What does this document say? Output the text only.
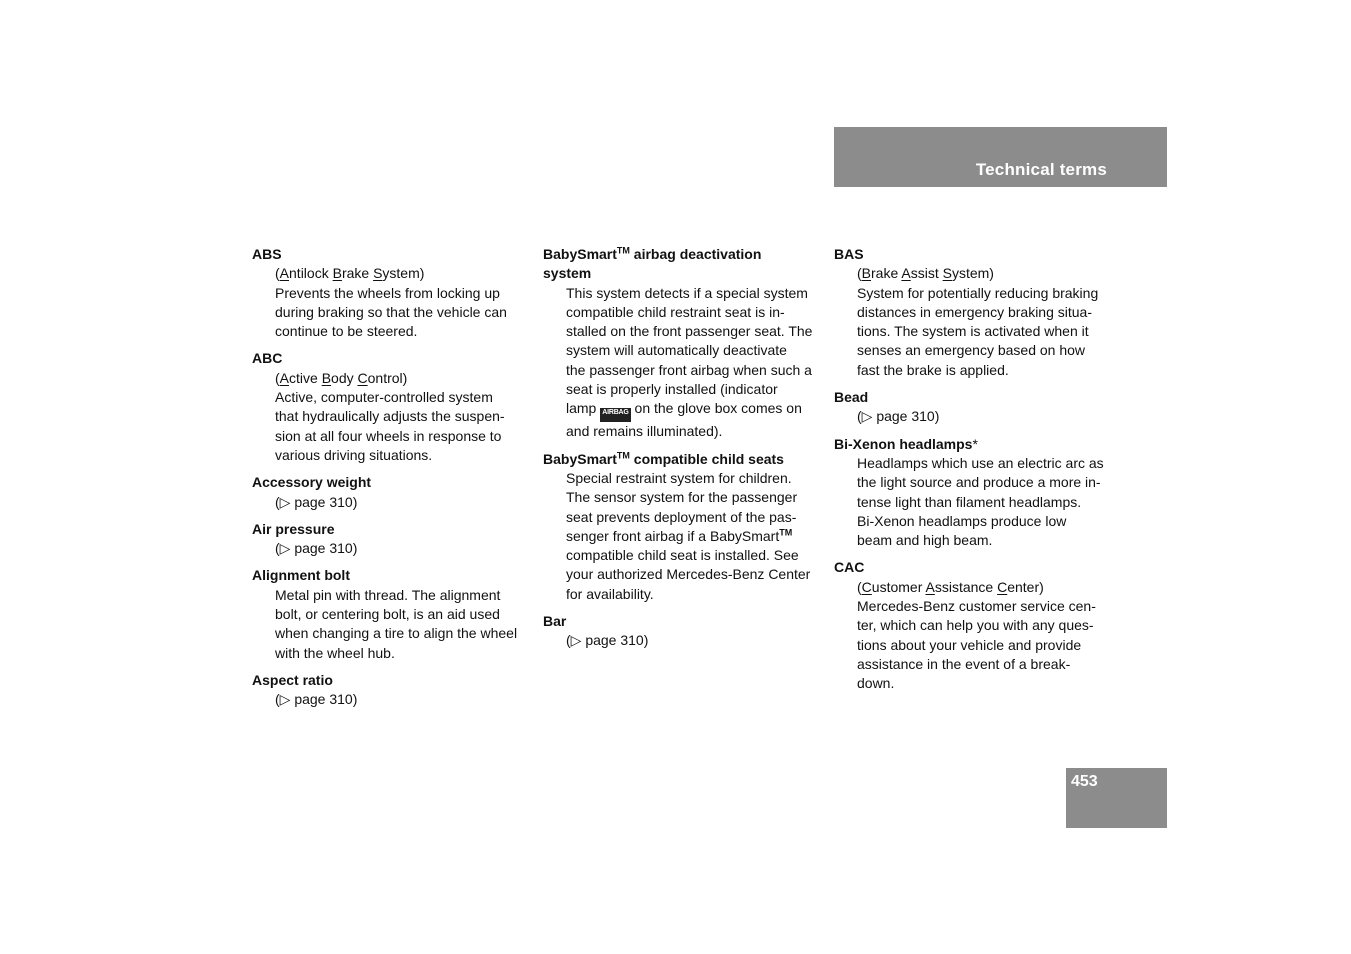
Technical terms
ABS
(Antilock Brake System)
Prevents the wheels from locking up
during braking so that the vehicle can
continue to be steered.
ABC
(Active Body Control)
Active, computer-controlled system
that hydraulically adjusts the suspen-
sion at all four wheels in response to
various driving situations.
Accessory weight
(▷ page 310)
Air pressure
(▷ page 310)
Alignment bolt
Metal pin with thread. The alignment
bolt, or centering bolt, is an aid used
when changing a tire to align the wheel
with the wheel hub.
Aspect ratio
(▷ page 310)
BabySmart™ airbag deactivation
system
This system detects if a special system
compatible child restraint seat is in-
stalled on the front passenger seat. The
system will automatically deactivate
the passenger front airbag when such a
seat is properly installed (indicator
lamp AIRBAG on the glove box comes on
and remains illuminated).
BabySmart™ compatible child seats
Special restraint system for children.
The sensor system for the passenger
seat prevents deployment of the pas-
senger front airbag if a BabySmart™
compatible child seat is installed. See
your authorized Mercedes-Benz Center
for availability.
Bar
(▷ page 310)
BAS
(Brake Assist System)
System for potentially reducing braking
distances in emergency braking situa-
tions. The system is activated when it
senses an emergency based on how
fast the brake is applied.
Bead
(▷ page 310)
Bi-Xenon headlamps*
Headlamps which use an electric arc as
the light source and produce a more in-
tense light than filament headlamps.
Bi-Xenon headlamps produce low
beam and high beam.
CAC
(Customer Assistance Center)
Mercedes-Benz customer service cen-
ter, which can help you with any ques-
tions about your vehicle and provide
assistance in the event of a break-
down.
453
